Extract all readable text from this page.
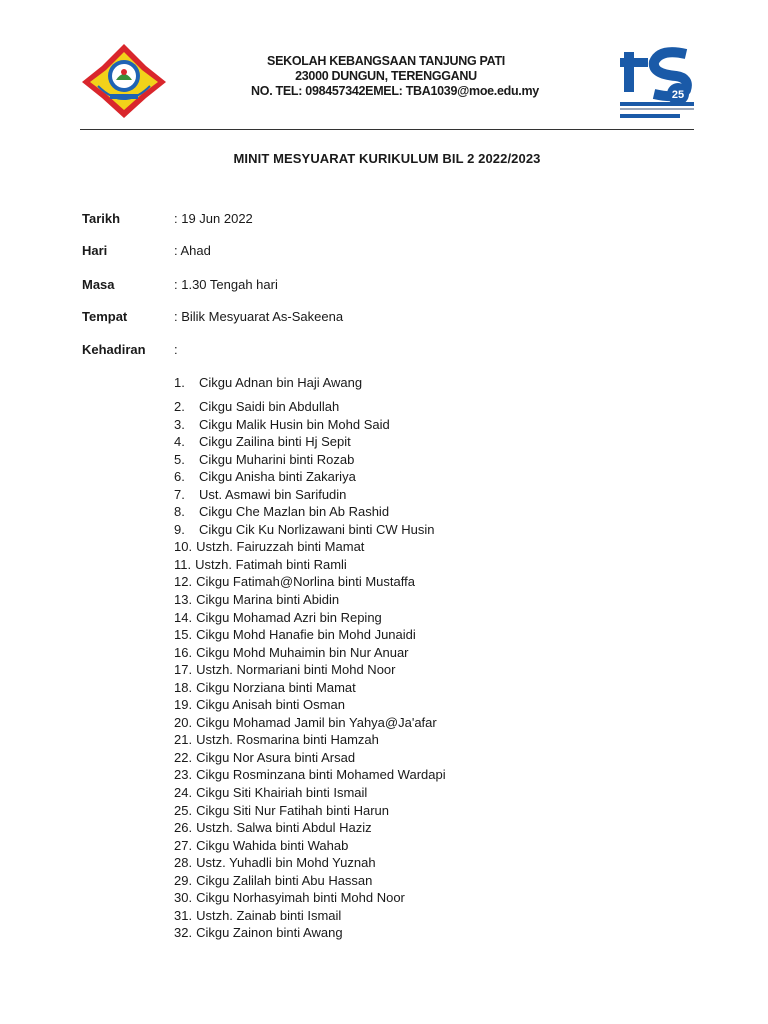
SEKOLAH KEBANGSAAN TANJUNG PATI
23000 DUNGUN, TERENGGANU
NO. TEL: 098457342EMEL: TBA1039@moe.edu.my	25
MINIT MESYUARAT KURIKULUM BIL 2 2022/2023
Tarikh	: 19 Jun 2022
Hari	: Ahad
Masa	: 1.30 Tengah hari
Tempat	: Bilik Mesyuarat As-Sakeena
Kehadiran :
1. Cikgu Adnan bin Haji Awang
2. Cikgu Saidi bin Abdullah
3. Cikgu Malik Husin bin Mohd Said
4. Cikgu Zailina binti Hj Sepit
5. Cikgu Muharini binti Rozab
6. Cikgu Anisha binti Zakariya
7. Ust. Asmawi bin Sarifudin
8. Cikgu Che Mazlan bin Ab Rashid
9. Cikgu Cik Ku Norlizawani binti CW Husin
10. Ustzh. Fairuzzah binti Mamat
11. Ustzh. Fatimah binti Ramli
12. Cikgu Fatimah@Norlina binti Mustaffa
13. Cikgu Marina binti Abidin
14. Cikgu Mohamad Azri bin Reping
15. Cikgu Mohd Hanafie bin Mohd Junaidi
16. Cikgu Mohd Muhaimin bin Nur Anuar
17. Ustzh. Normariani binti Mohd Noor
18. Cikgu Norziana binti Mamat
19. Cikgu Anisah binti Osman
20. Cikgu Mohamad Jamil bin Yahya@Ja'afar
21. Ustzh. Rosmarina binti Hamzah
22. Cikgu Nor Asura binti Arsad
23. Cikgu Rosminzana binti Mohamed Wardapi
24. Cikgu Siti Khairiah binti Ismail
25. Cikgu Siti Nur Fatihah binti Harun
26. Ustzh. Salwa binti Abdul Haziz
27. Cikgu Wahida binti Wahab
28. Ustz. Yuhadli bin Mohd Yuznah
29. Cikgu Zalilah binti Abu Hassan
30. Cikgu Norhasyimah binti Mohd Noor
31. Ustzh. Zainab binti Ismail
32. Cikgu Zainon binti Awang
